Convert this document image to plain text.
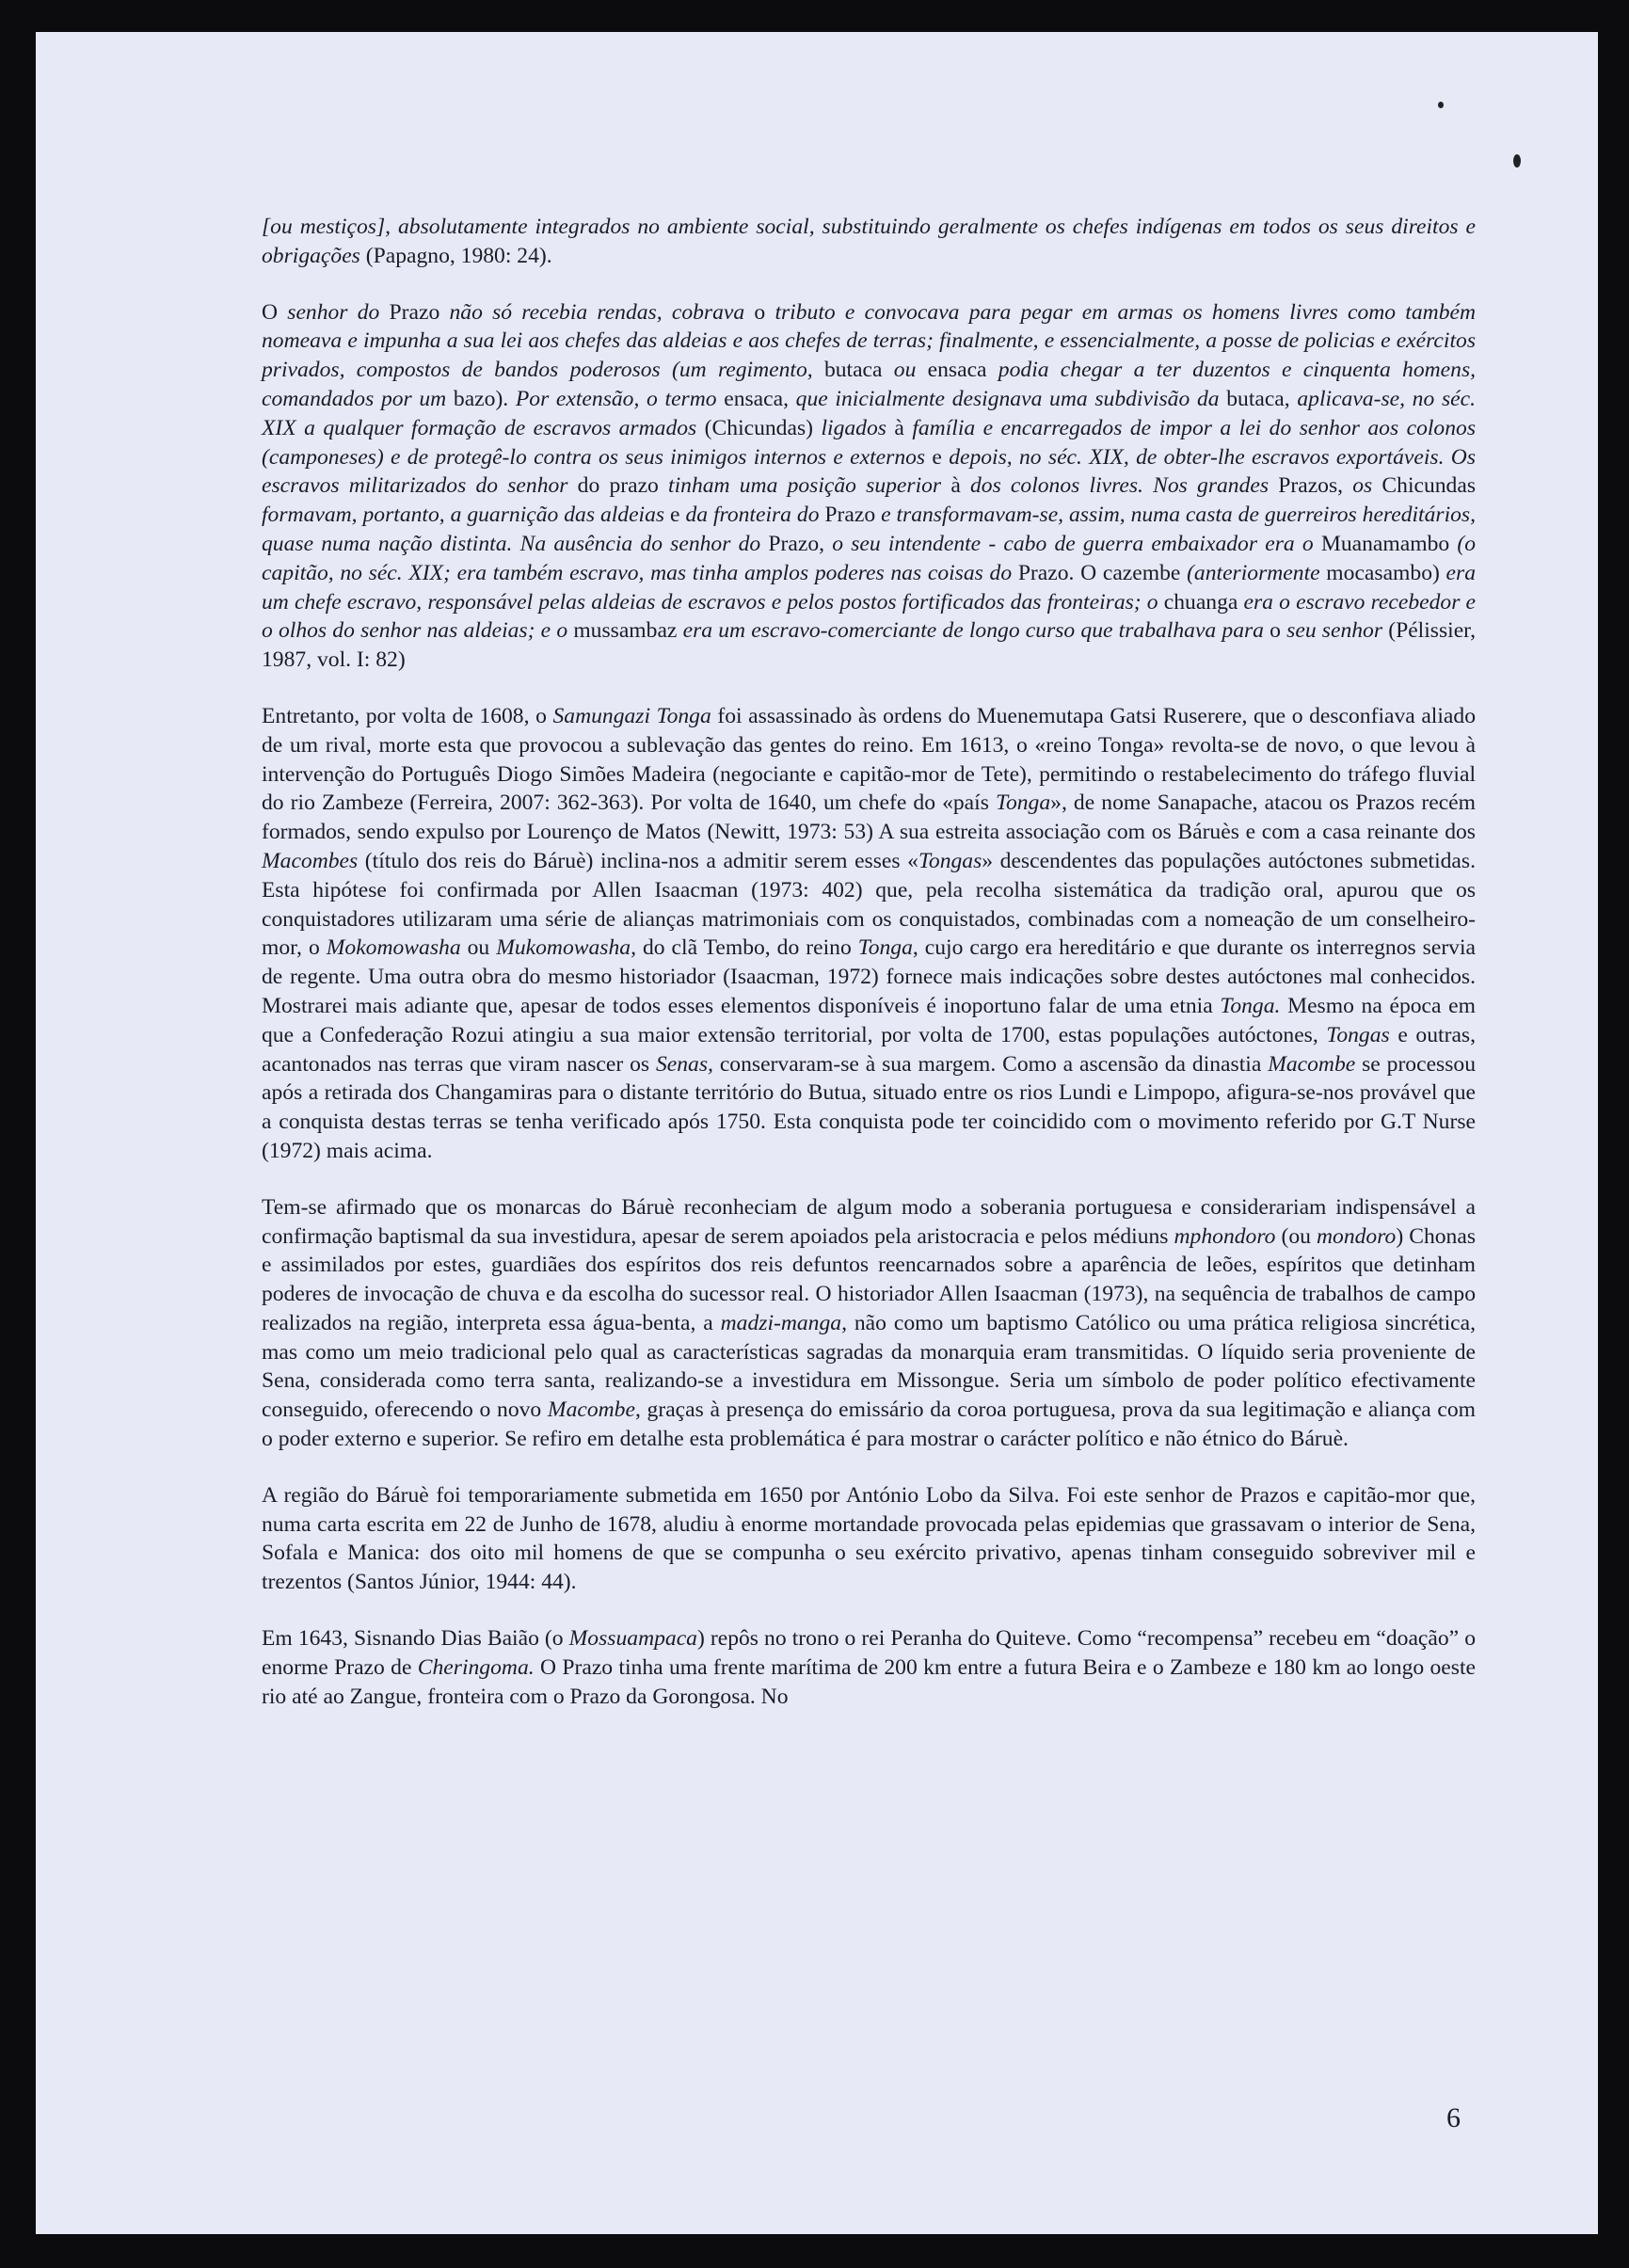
[ou mestiços], absolutamente integrados no ambiente social, substituindo geralmente os chefes indígenas em todos os seus direitos e obrigações (Papagno, 1980: 24).

O senhor do Prazo não só recebia rendas, cobrava o tributo e convocava para pegar em armas os homens livres como também nomeava e impunha a sua lei aos chefes das aldeias e aos chefes de terras; finalmente, e essencialmente, a posse de policias e exércitos privados, compostos de bandos poderosos (um regimento, butaca ou ensaca podia chegar a ter duzentos e cinquenta homens, comandados por um bazo). Por extensão, o termo ensaca, que inicialmente designava uma subdivisão da butaca, aplicava-se, no séc. XIX a qualquer formação de escravos armados (Chicundas) ligados à família e encarregados de impor a lei do senhor aos colonos (camponeses) e de protegê-lo contra os seus inimigos internos e externos e depois, no séc. XIX, de obter-lhe escravos exportáveis. Os escravos militarizados do senhor do prazo tinham uma posição superior à dos colonos livres. Nos grandes Prazos, os Chicundas formavam, portanto, a guarnição das aldeias e da fronteira do Prazo e transformavam-se, assim, numa casta de guerreiros hereditários, quase numa nação distinta. Na ausência do senhor do Prazo, o seu intendente - cabo de guerra embaixador era o Muanamambo (o capitão, no séc. XIX; era também escravo, mas tinha amplos poderes nas coisas do Prazo. O cazembe (anteriormente mocasambo) era um chefe escravo, responsável pelas aldeias de escravos e pelos postos fortificados das fronteiras; o chuanga era o escravo recebedor e o olhos do senhor nas aldeias; e o mussambaz era um escravo-comerciante de longo curso que trabalhava para o seu senhor (Pélissier, 1987, vol. I: 82)

Entretanto, por volta de 1608, o Samungazi Tonga foi assassinado às ordens do Muenemutapa Gatsi Ruserere, que o desconfiava aliado de um rival, morte esta que provocou a sublevação das gentes do reino. Em 1613, o «reino Tonga» revolta-se de novo, o que levou à intervenção do Português Diogo Simões Madeira (negociante e capitão-mor de Tete), permitindo o restabelecimento do tráfego fluvial do rio Zambeze (Ferreira, 2007: 362-363). Por volta de 1640, um chefe do «país Tonga», de nome Sanapache, atacou os Prazos recém formados, sendo expulso por Lourenço de Matos (Newitt, 1973: 53) A sua estreita associação com os Báruès e com a casa reinante dos Macombes (título dos reis do Báruè) inclina-nos a admitir serem esses «Tongas» descendentes das populações autóctones submetidas. Esta hipótese foi confirmada por Allen Isaacman (1973: 402) que, pela recolha sistemática da tradição oral, apurou que os conquistadores utilizaram uma série de alianças matrimoniais com os conquistados, combinadas com a nomeação de um conselheiro-mor, o Mokomowasha ou Mukomowasha, do clã Tembo, do reino Tonga, cujo cargo era hereditário e que durante os interregnos servia de regente. Uma outra obra do mesmo historiador (Isaacman, 1972) fornece mais indicações sobre destes autóctones mal conhecidos. Mostrarei mais adiante que, apesar de todos esses elementos disponíveis é inoportuno falar de uma etnia Tonga. Mesmo na época em que a Confederação Rozui atingiu a sua maior extensão territorial, por volta de 1700, estas populações autóctones, Tongas e outras, acantonados nas terras que viram nascer os Senas, conservaram-se à sua margem. Como a ascensão da dinastia Macombe se processou após a retirada dos Changamiras para o distante território do Butua, situado entre os rios Lundi e Limpopo, afigura-se-nos provável que a conquista destas terras se tenha verificado após 1750. Esta conquista pode ter coincidido com o movimento referido por G.T Nurse (1972) mais acima.

Tem-se afirmado que os monarcas do Báruè reconheciam de algum modo a soberania portuguesa e considerariam indispensável a confirmação baptismal da sua investidura, apesar de serem apoiados pela aristocracia e pelos médiuns mphondoro (ou mondoro) Chonas e assimilados por estes, guardiães dos espíritos dos reis defuntos reencarnados sobre a aparência de leões, espíritos que detinham poderes de invocação de chuva e da escolha do sucessor real. O historiador Allen Isaacman (1973), na sequência de trabalhos de campo realizados na região, interpreta essa água-benta, a madzi-manga, não como um baptismo Católico ou uma prática religiosa sincrética, mas como um meio tradicional pelo qual as características sagradas da monarquia eram transmitidas. O líquido seria proveniente de Sena, considerada como terra santa, realizando-se a investidura em Missongue. Seria um símbolo de poder político efectivamente conseguido, oferecendo o novo Macombe, graças à presença do emissário da coroa portuguesa, prova da sua legitimação e aliança com o poder externo e superior. Se refiro em detalhe esta problemática é para mostrar o carácter político e não étnico do Báruè.

A região do Báruè foi temporariamente submetida em 1650 por António Lobo da Silva. Foi este senhor de Prazos e capitão-mor que, numa carta escrita em 22 de Junho de 1678, aludiu à enorme mortandade provocada pelas epidemias que grassavam o interior de Sena, Sofala e Manica: dos oito mil homens de que se compunha o seu exército privativo, apenas tinham conseguido sobreviver mil e trezentos (Santos Júnior, 1944: 44).

Em 1643, Sisnando Dias Baião (o Mossuampaca) repôs no trono o rei Peranha do Quiteve. Como “recompensa” recebeu em “doação” o enorme Prazo de Cheringoma. O Prazo tinha uma frente marítima de 200 km entre a futura Beira e o Zambeze e 180 km ao longo oeste rio até ao Zangue, fronteira com o Prazo da Gorongosa. No

6
